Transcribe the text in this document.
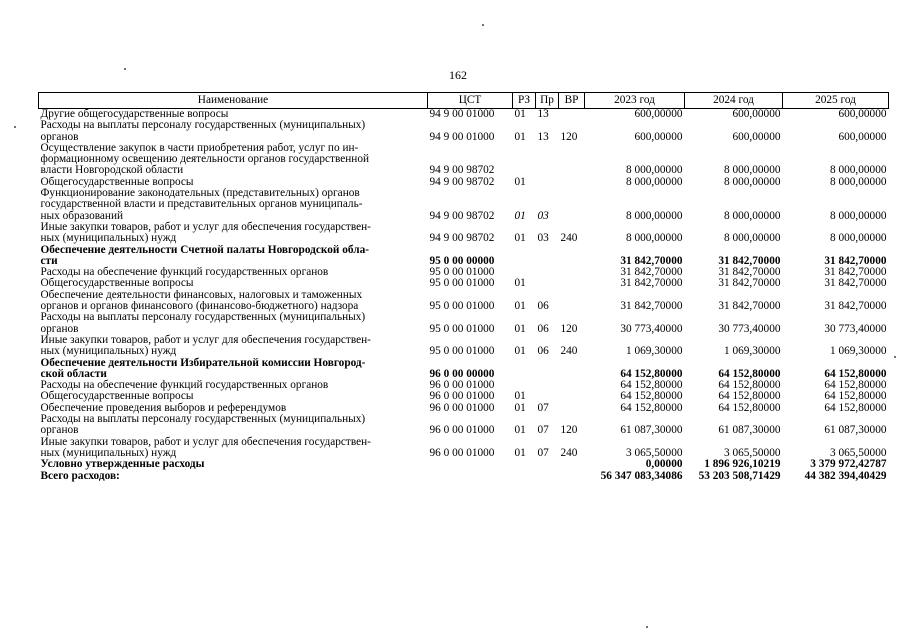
162
Наименование	ЦСТ	РЗ	Пр	ВР	2023 год	2024 год	2025 год

Другие общегосударственные вопросы	94 9 00 01000	01	13		600,00000	600,00000	600,00000

Расходы на выплаты персоналу государственных (муниципальных)
органов	94 9 00 01000	01	13	120	600,00000	600,00000	600,00000

Осуществление закупок в части приобретения работ, услуг по ин-
формационному освещению деятельности органов государственной
власти Новгородской области	94 9 00 98702				8 000,00000	8 000,00000	8 000,00000

Общегосударственные вопросы	94 9 00 98702	01			8 000,00000	8 000,00000	8 000,00000

Функционирование законодательных (представительных) органов
государственной власти и представительных органов муниципаль-
ных образований	94 9 00 98702	01	03		8 000,00000	8 000,00000	8 000,00000

Иные закупки товаров, работ и услуг для обеспечения государствен-
ных (муниципальных) нужд	94 9 00 98702	01	03	240	8 000,00000	8 000,00000	8 000,00000

Обеспечение деятельности Счетной палаты Новгородской обла-
сти	95 0 00 00000				31 842,70000	31 842,70000	31 842,70000

Расходы на обеспечение функций государственных органов	95 0 00 01000				31 842,70000	31 842,70000	31 842,70000

Общегосударственные вопросы	95 0 00 01000	01			31 842,70000	31 842,70000	31 842,70000

Обеспечение деятельности финансовых, налоговых и таможенных
органов и органов финансового (финансово-бюджетного) надзора	95 0 00 01000	01	06		31 842,70000	31 842,70000	31 842,70000

Расходы на выплаты персоналу государственных (муниципальных)
органов	95 0 00 01000	01	06	120	30 773,40000	30 773,40000	30 773,40000

Иные закупки товаров, работ и услуг для обеспечения государствен-
ных (муниципальных) нужд	95 0 00 01000	01	06	240	1 069,30000	1 069,30000	1 069,30000

Обеспечение деятельности Избирательной комиссии Новгород-
ской области	96 0 00 00000				64 152,80000	64 152,80000	64 152,80000

Расходы на обеспечение функций государственных органов	96 0 00 01000				64 152,80000	64 152,80000	64 152,80000

Общегосударственные вопросы	96 0 00 01000	01			64 152,80000	64 152,80000	64 152,80000

Обеспечение проведения выборов и референдумов	96 0 00 01000	01	07		64 152,80000	64 152,80000	64 152,80000

Расходы на выплаты персоналу государственных (муниципальных)
органов	96 0 00 01000	01	07	120	61 087,30000	61 087,30000	61 087,30000

Иные закупки товаров, работ и услуг для обеспечения государствен-
ных (муниципальных) нужд	96 0 00 01000	01	07	240	3 065,50000	3 065,50000	3 065,50000

Условно утвержденные расходы					0,00000	1 896 926,10219	3 379 972,42787

Всего расходов:					56 347 083,34086	53 203 508,71429	44 382 394,40429
